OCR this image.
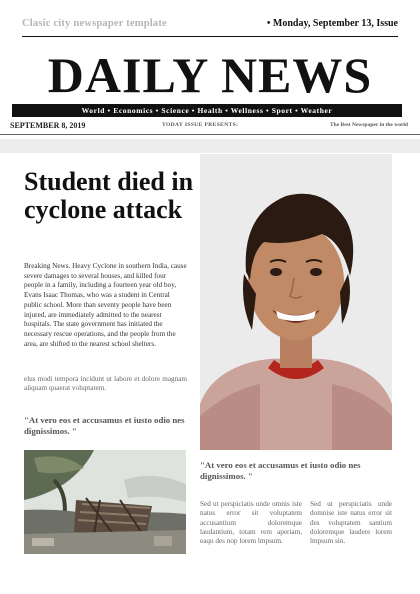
Clasic city newspaper template	• Monday, September 13, Issue
DAILY NEWS
World • Economics • Science • Health • Wellness • Sport • Weather
SEPTEMBER 8, 2019	TODAY ISSUE PRESENTS:	The Best Newspaper in the world
Student died in cyclone attack

Breaking News. Heavy Cyclone in southern India, cause severe damages to several houses, and killed four people in a family, including a fourteen year old boy, Evans Isaac Thomas, who was a student in Central public school. More than seventy people have been injured, are immediately admitted to the nearest hospitals. The state government has initiated the necessary rescue operations, and the people from the area, are shifted to the nearest school shelters.

elus modi tempora incidunt ut labore et dolore magnam aliquam quaerat voluptatem.

"At vero eos et accusamus et iusto odio nes dignissimos. "

"At vero eos et accusamus et iusto odio nes dignissimos. "

Sed ut perspiciatis unde omnis iste natus error sit voluptatem accusantium doloremque laudantium, totam rem aperiam, eaqu des nop lorem lmpsum.

Sed ut perspiciatis unde domnise iste natus error sit des voluptatem santium doloremque laudere lorem lmpsum sin.
